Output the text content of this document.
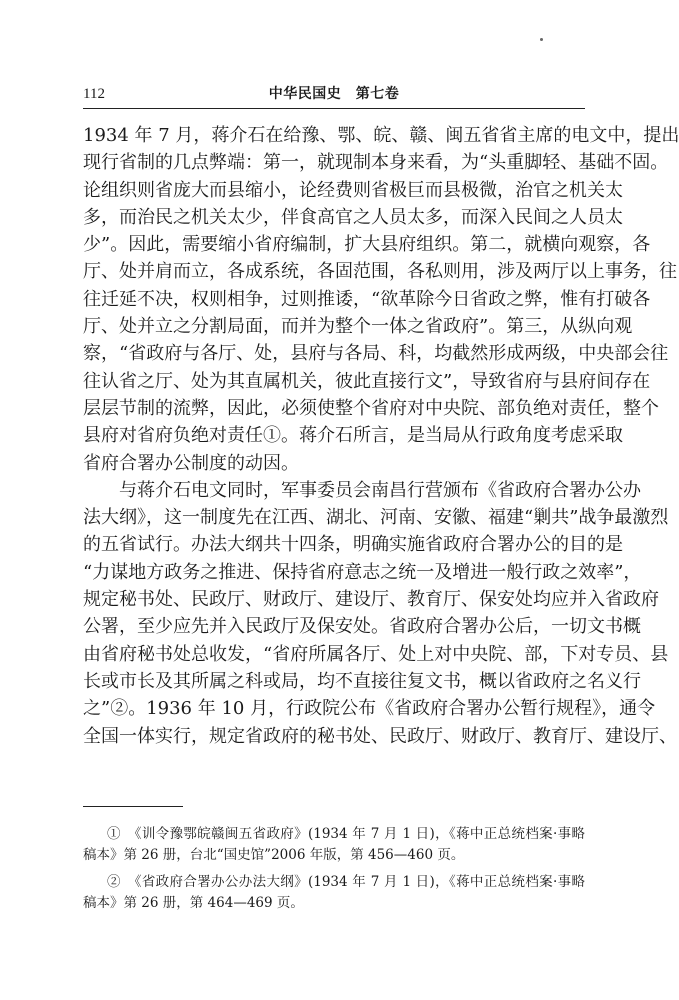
112	中华民国史　第七卷
1934 年 7 月，蒋介石在给豫、鄂、皖、赣、闽五省省主席的电文中，提出
现行省制的几点弊端：第一，就现制本身来看，为“头重脚轻、基础不固。
论组织则省庞大而县缩小，论经费则省极巨而县极微，治官之机关太
多，而治民之机关太少，伴食高官之人员太多，而深入民间之人员太
少”。因此，需要缩小省府编制，扩大县府组织。第二，就横向观察，各
厅、处并肩而立，各成系统，各固范围，各私则用，涉及两厅以上事务，往
往迁延不决，权则相争，过则推诿，“欲革除今日省政之弊，惟有打破各
厅、处并立之分割局面，而并为整个一体之省政府”。第三，从纵向观
察，“省政府与各厅、处，县府与各局、科，均截然形成两级，中央部会往
往认省之厅、处为其直属机关，彼此直接行文”，导致省府与县府间存在
层层节制的流弊，因此，必须使整个省府对中央院、部负绝对责任，整个
县府对省府负绝对责任①。蒋介石所言，是当局从行政角度考虑采取
省府合署办公制度的动因。
与蒋介石电文同时，军事委员会南昌行营颁布《省政府合署办公办
法大纲》，这一制度先在江西、湖北、河南、安徽、福建“剿共”战争最激烈
的五省试行。办法大纲共十四条，明确实施省政府合署办公的目的是
“力谋地方政务之推进、保持省府意志之统一及增进一般行政之效率”，
规定秘书处、民政厅、财政厅、建设厅、教育厅、保安处均应并入省政府
公署，至少应先并入民政厅及保安处。省政府合署办公后，一切文书概
由省府秘书处总收发，“省府所属各厅、处上对中央院、部，下对专员、县
长或市长及其所属之科或局，均不直接往复文书，概以省政府之名义行
之”②。1936 年 10 月，行政院公布《省政府合署办公暂行规程》，通令
全国一体实行，规定省政府的秘书处、民政厅、财政厅、教育厅、建设厅、
①　 《训令豫鄂皖赣闽五省政府》(1934 年 7 月 1 日)，《蒋中正总统档案·事略
稿本》第 26 册，台北“国史馆”2006 年版，第 456—460 页。
②　 《省政府合署办公办法大纲》(1934 年 7 月 1 日)，《蒋中正总统档案·事略
稿本》第 26 册，第 464—469 页。
